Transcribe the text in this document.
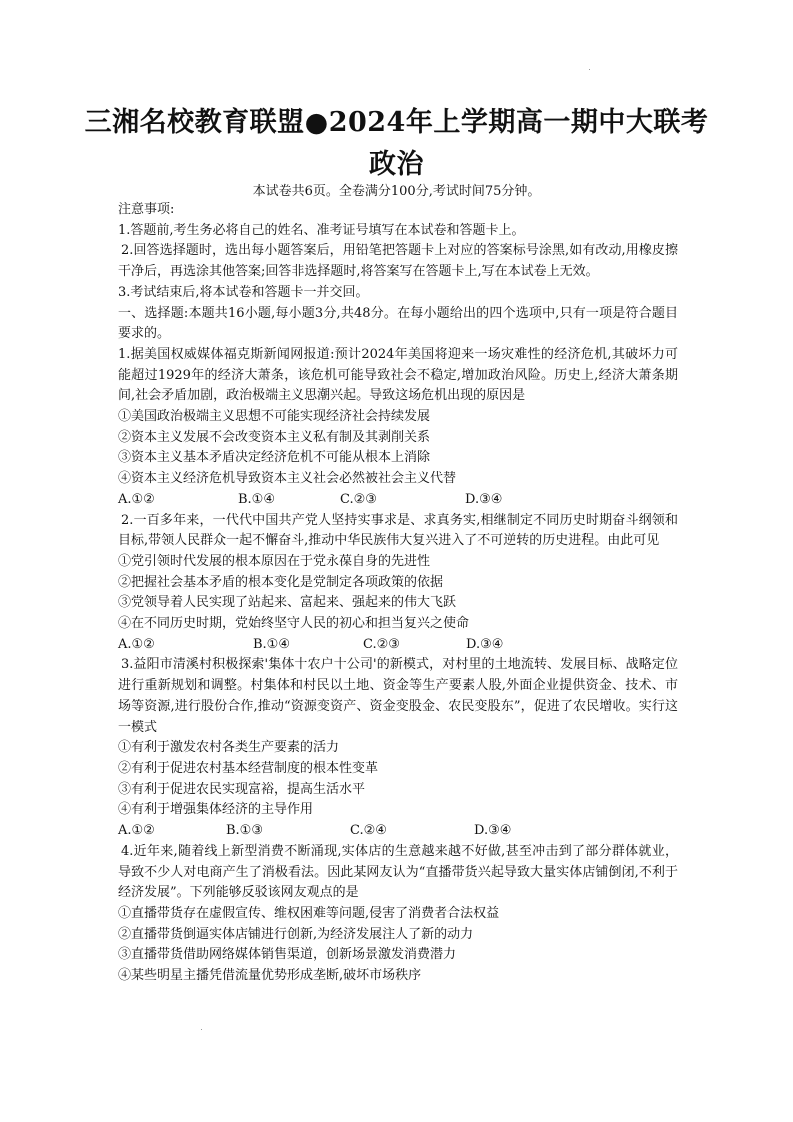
三湘名校教育联盟●2024年上学期高一期中大联考
政治
本试卷共6页。全卷满分100分,考试时间75分钟。

注意事项:

1.答题前,考生务必将自己的姓名、准考证号填写在本试卷和答题卡上。

2.回答选择题时，选出每小题答案后，用铅笔把答题卡上对应的答案标号涂黑,如有改动,用橡皮擦干净后，再选涂其他答案;回答非选择题时,将答案写在答题卡上,写在本试卷上无效。

3.考试结束后,将本试卷和答题卡一并交回。

一、选择题:本题共16小题,每小题3分,共48分。在每小题给出的四个选项中,只有一项是符合题目要求的。

1.据美国权威媒体福克斯新闻网报道:预计2024年美国将迎来一场灾难性的经济危机,其破坏力可能超过1929年的经济大萧条，该危机可能导致社会不稳定,增加政治风险。历史上,经济大萧条期间,社会矛盾加剧，政治极端主义思潮兴起。导致这场危机出现的原因是

①美国政治极端主义思想不可能实现经济社会持续发展

②资本主义发展不会改变资本主义私有制及其剥削关系

③资本主义基本矛盾决定经济危机不可能从根本上消除

④资本主义经济危机导致资本主义社会必然被社会主义代替

A.①②	B.①④	C.②③	D.③④

2.一百多年来，一代代中国共产党人坚持实事求是、求真务实,相继制定不同历史时期奋斗纲领和目标,带领人民群众一起不懈奋斗,推动中华民族伟大复兴进入了不可逆转的历史进程。由此可见

①党引领时代发展的根本原因在于党永葆自身的先进性

②把握社会基本矛盾的根本变化是党制定各项政策的依据

③党领导着人民实现了站起来、富起来、强起来的伟大飞跃

④在不同历史时期，党始终坚守人民的初心和担当复兴之使命

A.①②	B.①④	C.②③	D.③④

3.益阳市清溪村积极探索'集体十农户十公司'的新模式，对村里的土地流转、发展目标、战略定位进行重新规划和调整。村集体和村民以土地、资金等生产要素人股,外面企业提供资金、技术、市场等资源,进行股份合作,推动“资源变资产、资金变股金、农民变股东”，促进了农民增收。实行这一模式

①有利于激发农村各类生产要素的活力

②有利于促进农村基本经营制度的根本性变革

③有利于促进农民实现富裕，提高生活水平

④有利于增强集体经济的主导作用

A.①②	B.①③	C.②④	D.③④

4.近年来,随着线上新型消费不断涌现,实体店的生意越来越不好做,甚至冲击到了部分群体就业，导致不少人对电商产生了消极看法。因此某网友认为“直播带货兴起导致大量实体店铺倒闭,不利于经济发展”。下列能够反驳该网友观点的是

①直播带货存在虚假宣传、维权困难等问题,侵害了消费者合法权益

②直播带货倒逼实体店铺进行创新,为经济发展注人了新的动力

③直播带货借助网络媒体销售渠道，创新场景激发消费潜力

④某些明星主播凭借流量优势形成垄断,破坏市场秩序
